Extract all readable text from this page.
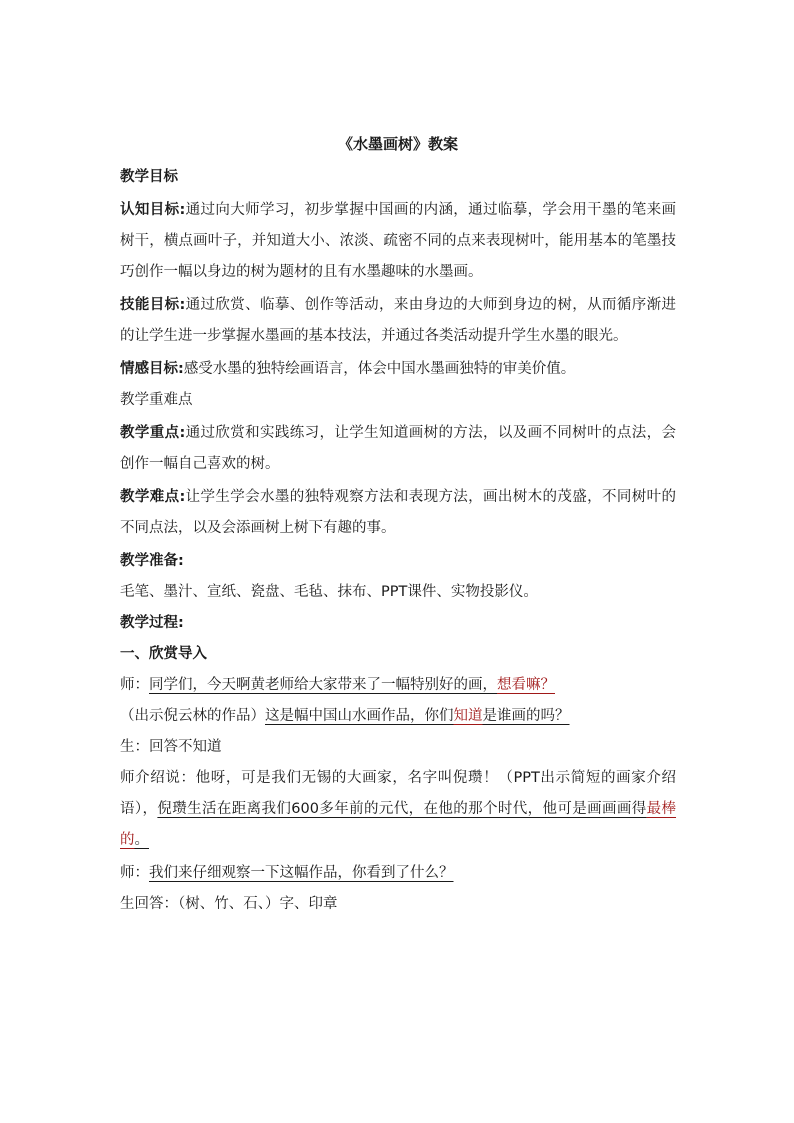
《水墨画树》教案

教学目标

认知目标:通过向大师学习，初步掌握中国画的内涵，通过临摹，学会用干墨的笔来画树干，横点画叶子，并知道大小、浓淡、疏密不同的点来表现树叶，能用基本的笔墨技巧创作一幅以身边的树为题材的且有水墨趣味的水墨画。

技能目标:通过欣赏、临摹、创作等活动，来由身边的大师到身边的树，从而循序渐进的让学生进一步掌握水墨画的基本技法，并通过各类活动提升学生水墨的眼光。

情感目标:感受水墨的独特绘画语言，体会中国水墨画独特的审美价值。

教学重难点

教学重点:通过欣赏和实践练习，让学生知道画树的方法，以及画不同树叶的点法，会创作一幅自己喜欢的树。

教学难点:让学生学会水墨的独特观察方法和表现方法，画出树木的茂盛，不同树叶的不同点法，以及会添画树上树下有趣的事。

教学准备:

毛笔、墨汁、宣纸、瓷盘、毛毡、抹布、PPT课件、实物投影仪。

教学过程:

一、欣赏导入

师：同学们，今天啊黄老师给大家带来了一幅特别好的画，想看嘛？

（出示倪云林的作品）这是幅中国山水画作品，你们知道是谁画的吗？

生：回答不知道

师介绍说：他呀，可是我们无锡的大画家，名字叫倪瓒！（PPT出示简短的画家介绍语），倪瓒生活在距离我们600多年前的元代，在他的那个时代，他可是画画画得最棒的。

师：我们来仔细观察一下这幅作品，你看到了什么？

生回答：（树、竹、石、）字、印章
